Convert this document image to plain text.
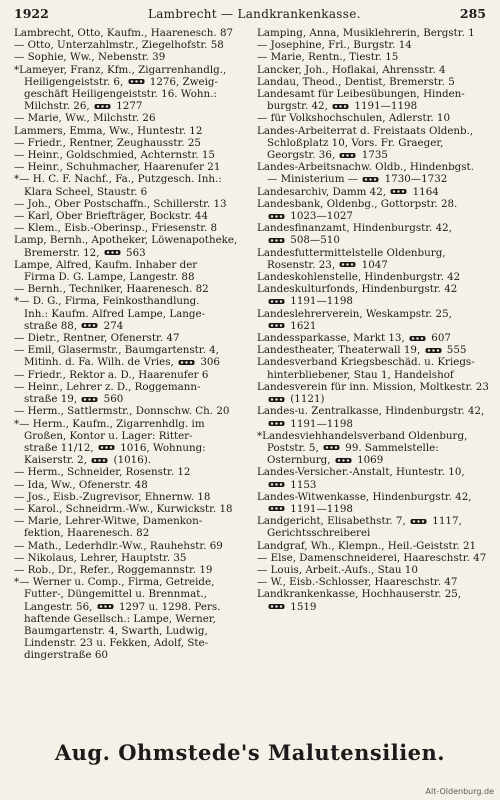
1922	Lambrecht — Landkrankenkasse.	285
Lambrecht, Otto, Kaufm., Haarenesch. 87
— Otto, Unterzahlmstr., Ziegelhofstr. 58
— Sophie, Ww., Nebenstr. 39
*Lameyer, Franz, Kfm., Zigarrenhandlg.,
Heiligengeiststr. 6,  1276, Zweig-
geschäft Heiligengeiststr. 16. Wohn.:
Milchstr. 26,  1277
— Marie, Ww., Milchstr. 26
Lammers, Emma, Ww., Huntestr. 12
— Friedr., Rentner, Zeughausstr. 25
— Heinr., Goldschmied, Achternstr. 15
— Heinr., Schuhmacher, Haarenufer 21
*— H. C. F. Nachf., Fa., Putzgesch. Inh.:
Klara Scheel, Staustr. 6
— Joh., Ober Postschaffn., Schillerstr. 13
— Karl, Ober Briefträger, Bockstr. 44
— Klem., Eisb.-Oberinsp., Friesenstr. 8
Lamp, Bernh., Apotheker, Löwenapotheke,
Bremerstr. 12,  563
Lampe, Alfred, Kaufm. Inhaber der
Firma D. G. Lampe, Langestr. 88
— Bernh., Techniker, Haarenesch. 82
*— D. G., Firma, Feinkosthandlung.
Inh.: Kaufm. Alfred Lampe, Lange-
straße 88,  274
— Dietr., Rentner, Ofenerstr. 47
— Emil, Glasermstr., Baumgartenstr. 4,
Mitinh. d. Fa. Wilh. de Vries,  306
— Friedr., Rektor a. D., Haarenufer 6
— Heinr., Lehrer z. D., Roggemann-
straße 19,  560
— Herm., Sattlermstr., Donnschw. Ch. 20
*— Herm., Kaufm., Zigarrenhdlg. im
Großen, Kontor u. Lager: Ritter-
straße 11/12,  1016, Wohnung:
Kaiserstr. 2,  (1016).
— Herm., Schneider, Rosenstr. 12
— Ida, Ww., Ofenerstr. 48
— Jos., Eisb.-Zugrevisor, Ehnernw. 18
— Karol., Schneidrm.-Ww., Kurwickstr. 18
— Marie, Lehrer-Witwe, Damenkon-
fektion, Haarenesch. 82
— Math., Lederhdlr.-Ww., Rauhehstr. 69
— Nikolaus, Lehrer, Hauptstr. 35
— Rob., Dr., Refer., Roggemannstr. 19
*— Werner u. Comp., Firma, Getreide,
Futter-, Düngemittel u. Brennmat.,
Langestr. 56,  1297 u. 1298. Pers.
haftende Gesellsch.: Lampe, Werner,
Baumgartenstr. 4, Swarth, Ludwig,
Lindenstr. 23 u. Fekken, Adolf, Ste-
dingerstraße 60
Lamping, Anna, Musiklehrerin, Bergstr. 1
— Josephine, Frl., Burgstr. 14
— Marie, Rentn., Tiestr. 15
Lancker, Joh., Hoflakai, Ahrensstr. 4
Landau, Theod., Dentist, Bremerstr. 5
Landesamt für Leibesübungen, Hinden-
burgstr. 42,  1191—1198
— für Volkshochschulen, Adlerstr. 10
Landes-Arbeiterrat d. Freistaats Oldenb.,
Schloßplatz 10, Vors. Fr. Graeger,
Georgstr. 36,  1735
Landes-Arbeitsnachw. Oldb., Hindenbgst.
— Ministerium —  1730—1732
Landesarchiv, Damm 42,  1164
Landesbank, Oldenbg., Gottorpstr. 28.
1023—1027
Landesfinanzamt, Hindenburgstr. 42,
508—510
Landesfuttermittelstelle Oldenburg,
Rosenstr. 23,  1047
Landeskohlenstelle, Hindenburgstr. 42
Landeskulturfonds, Hindenburgstr. 42
1191—1198
Landeslehrerverein, Weskampstr. 25,
1621
Landessparkasse, Markt 13,  607
Landestheater, Theaterwall 19,  555
Landesverband Kriegsbeschäd. u. Kriegs-
hinterbliebener, Stau 1, Handelshof
Landesverein für inn. Mission, Moltkestr. 23
(1121)
Landes-u. Zentralkasse, Hindenburgstr. 42,
1191—1198
*Landesviehhandelsverband Oldenburg,
Poststr. 5,  99. Sammelstelle:
Osternburg,  1069
Landes-Versicher.-Anstalt, Huntestr. 10,
1153
Landes-Witwenkasse, Hindenburgstr. 42,
1191—1198
Landgericht, Elisabethstr. 7,  1117,
Gerichtsschreiberei
Landgraf, Wh., Klempn., Heil.-Geiststr. 21
— Else, Damenschneiderei, Haareschstr. 47
— Louis, Arbeit.-Aufs., Stau 10
— W., Eisb.-Schlosser, Haareschstr. 47
Landkrankenkasse, Hochhauserstr. 25,
1519
Aug. Ohmstede's Malutensilien.
Alt-Oldenburg.de
